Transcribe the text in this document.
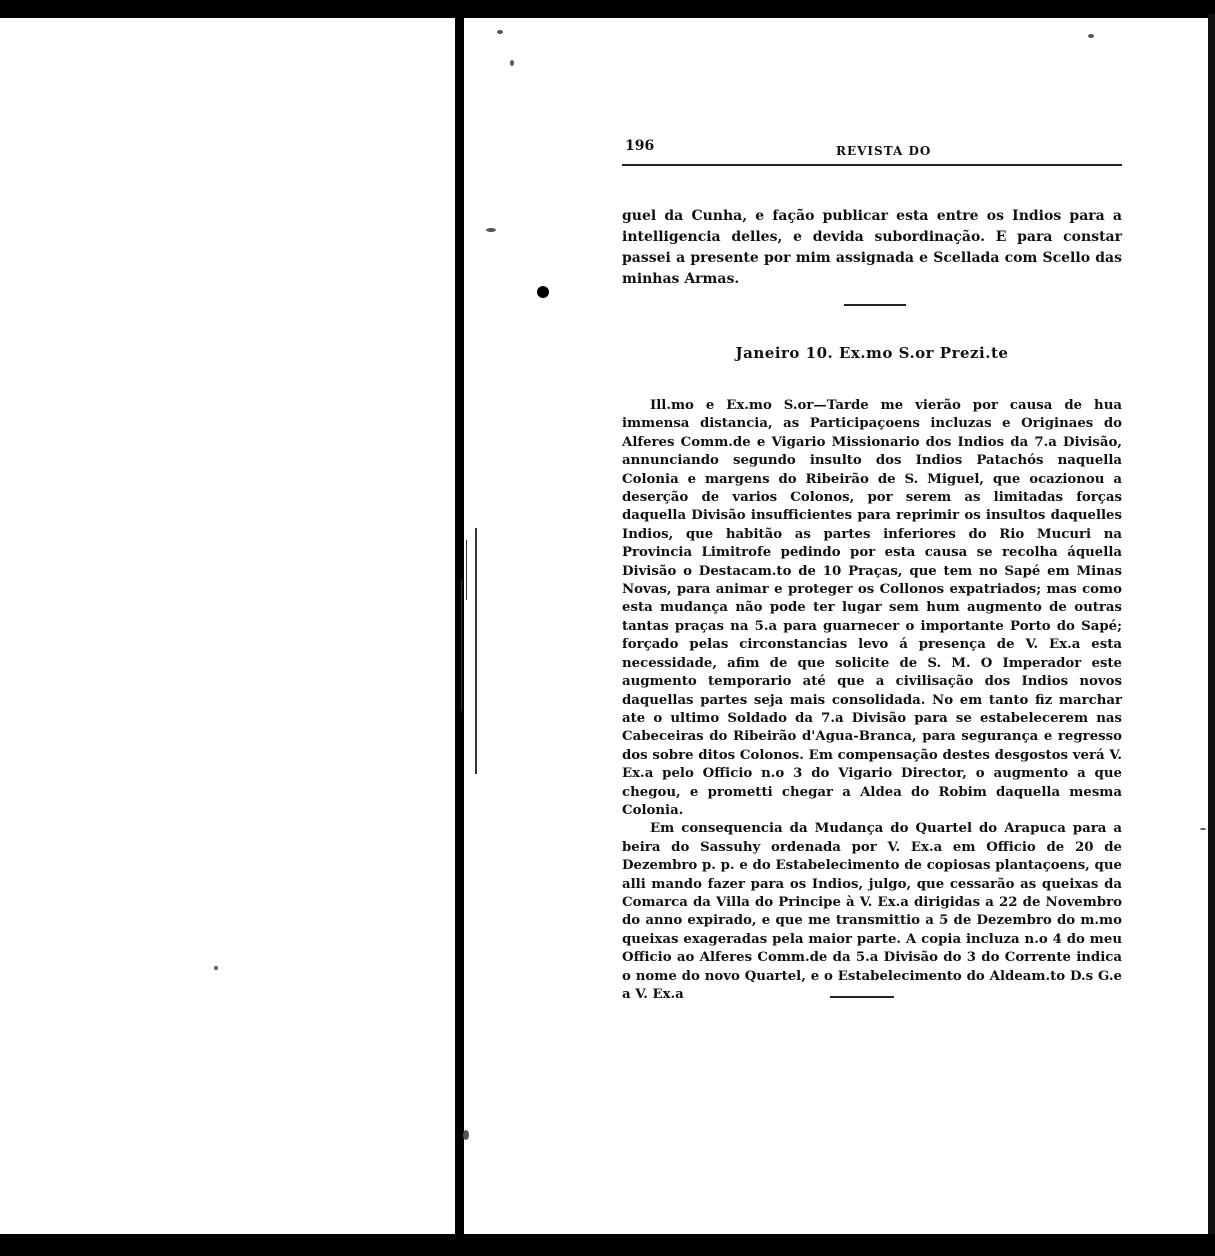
196	REVISTA DO
guel da Cunha, e fação publicar esta entre os Indios para a intelligencia delles, e devida subordinação. E para constar passei a presente por mim assignada e Scellada com Scello das minhas Armas.
Janeiro 10. Ex.mo S.or Prezi.te

Ill.mo e Ex.mo S.or—Tarde me vierão por causa de hua immensa distancia, as Participaçoens incluzas e Originaes do Alferes Comm.de e Vigario Missionario dos Indios da 7.a Divisão, annunciando segundo insulto dos Indios Patachós naquella Colonia e margens do Ribeirão de S. Miguel, que ocazionou a deserção de varios Colonos, por serem as limitadas forças daquella Divisão insufficientes para reprimir os insultos daquelles Indios, que habitão as partes inferiores do Rio Mucuri na Provincia Limitrofe pedindo por esta causa se recolha áquella Divisão o Destacam.to de 10 Praças, que tem no Sapé em Minas Novas, para animar e proteger os Collonos expatriados; mas como esta mudança não pode ter lugar sem hum augmento de outras tantas praças na 5.a para guarnecer o importante Porto do Sapé; forçado pelas circonstancias levo á presença de V. Ex.a esta necessidade, afim de que solicite de S. M. O Imperador este augmento temporario até que a civilisação dos Indios novos daquellas partes seja mais consolidada. No em tanto fiz marchar ate o ultimo Soldado da 7.a Divisão para se estabelecerem nas Cabeceiras do Ribeirão d'Agua-Branca, para segurança e regresso dos sobre ditos Colonos. Em compensação destes desgostos verá V. Ex.a pelo Officio n.o 3 do Vigario Director, o augmento a que chegou, e prometti chegar a Aldea do Robim daquella mesma Colonia.

Em consequencia da Mudança do Quartel do Arapuca para a beira do Sassuhy ordenada por V. Ex.a em Officio de 20 de Dezembro p. p. e do Estabelecimento de copiosas plantaçoens, que alli mando fazer para os Indios, julgo, que cessarão as queixas da Comarca da Villa do Principe à V. Ex.a dirigidas a 22 de Novembro do anno expirado, e que me transmittio a 5 de Dezembro do m.mo queixas exageradas pela maior parte. A copia incluza n.o 4 do meu Officio ao Alferes Comm.de da 5.a Divisão do 3 do Corrente indica o nome do novo Quartel, e o Estabelecimento do Aldeam.to D.s G.e a V. Ex.a
